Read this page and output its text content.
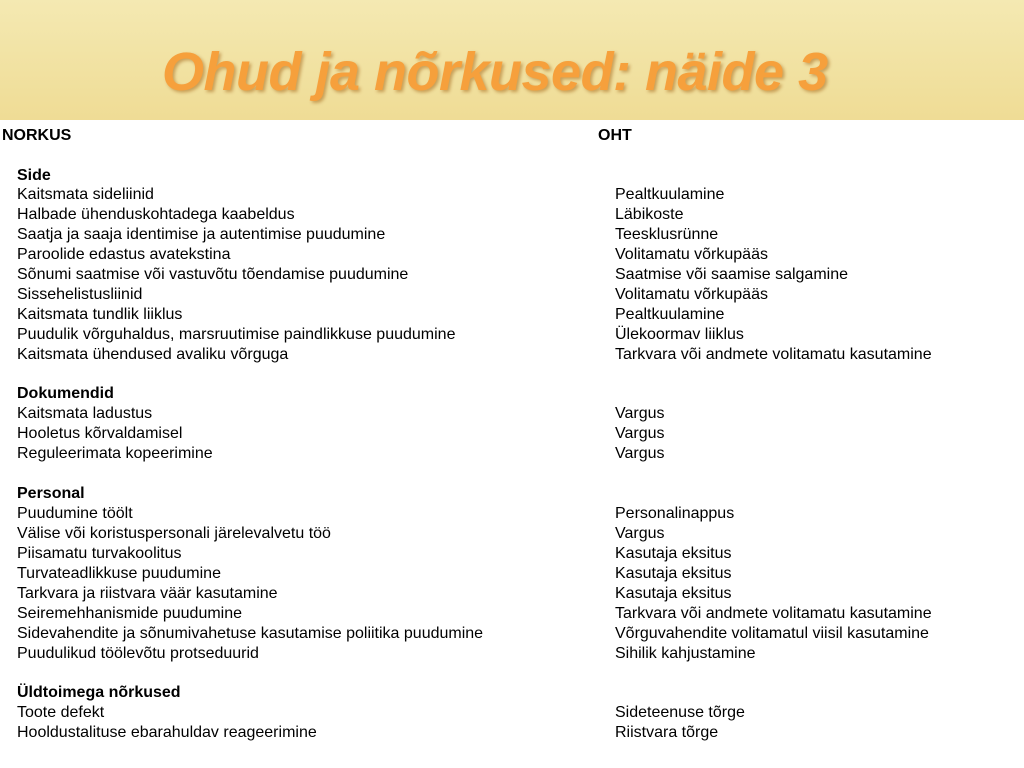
Ohud ja nõrkused: näide 3
NORKUS	OHT
Side
Kaitsmata sideliinid	Pealtkuulamine
Halbade ühenduskohtadega kaabeldus	Läbikoste
Saatja ja saaja identimise ja autentimise puudumine	Teesklusrünne
Paroolide edastus avatekstina	Volitamatu võrkupääs
Sõnumi saatmise või vastuvõtu tõendamise puudumine	Saatmise või saamise salgamine
Sissehelistusliinid	Volitamatu võrkupääs
Kaitsmata tundlik liiklus	Pealtkuulamine
Puudulik võrguhaldus, marsruutimise paindlikkuse puudumine	Ülekoormav liiklus
Kaitsmata ühendused avaliku võrguga	Tarkvara või andmete volitamatu kasutamine
Dokumendid
Kaitsmata ladustus	Vargus
Hooletus kõrvaldamisel	Vargus
Reguleerimata kopeerimine	Vargus
Personal
Puudumine töölt	Personalinappus
Välise või koristuspersonali järelevalvetu töö	Vargus
Piisamatu turvakoolitus	Kasutaja eksitus
Turvateadlikkuse puudumine	Kasutaja eksitus
Tarkvara ja riistvara väär kasutamine	Kasutaja eksitus
Seiremehhanismide puudumine	Tarkvara või andmete volitamatu kasutamine
Sidevahendite ja sõnumivahetuse kasutamise poliitika puudumine	Võrguvahendite volitamatul viisil kasutamine
Puudulikud töölevõtu protseduurid	Sihilik kahjustamine
Üldtoimega nõrkused
Toote defekt	Sideteenuse tõrge
Hooldustalituse ebarahuldav reageerimine	Riistvara tõrge
